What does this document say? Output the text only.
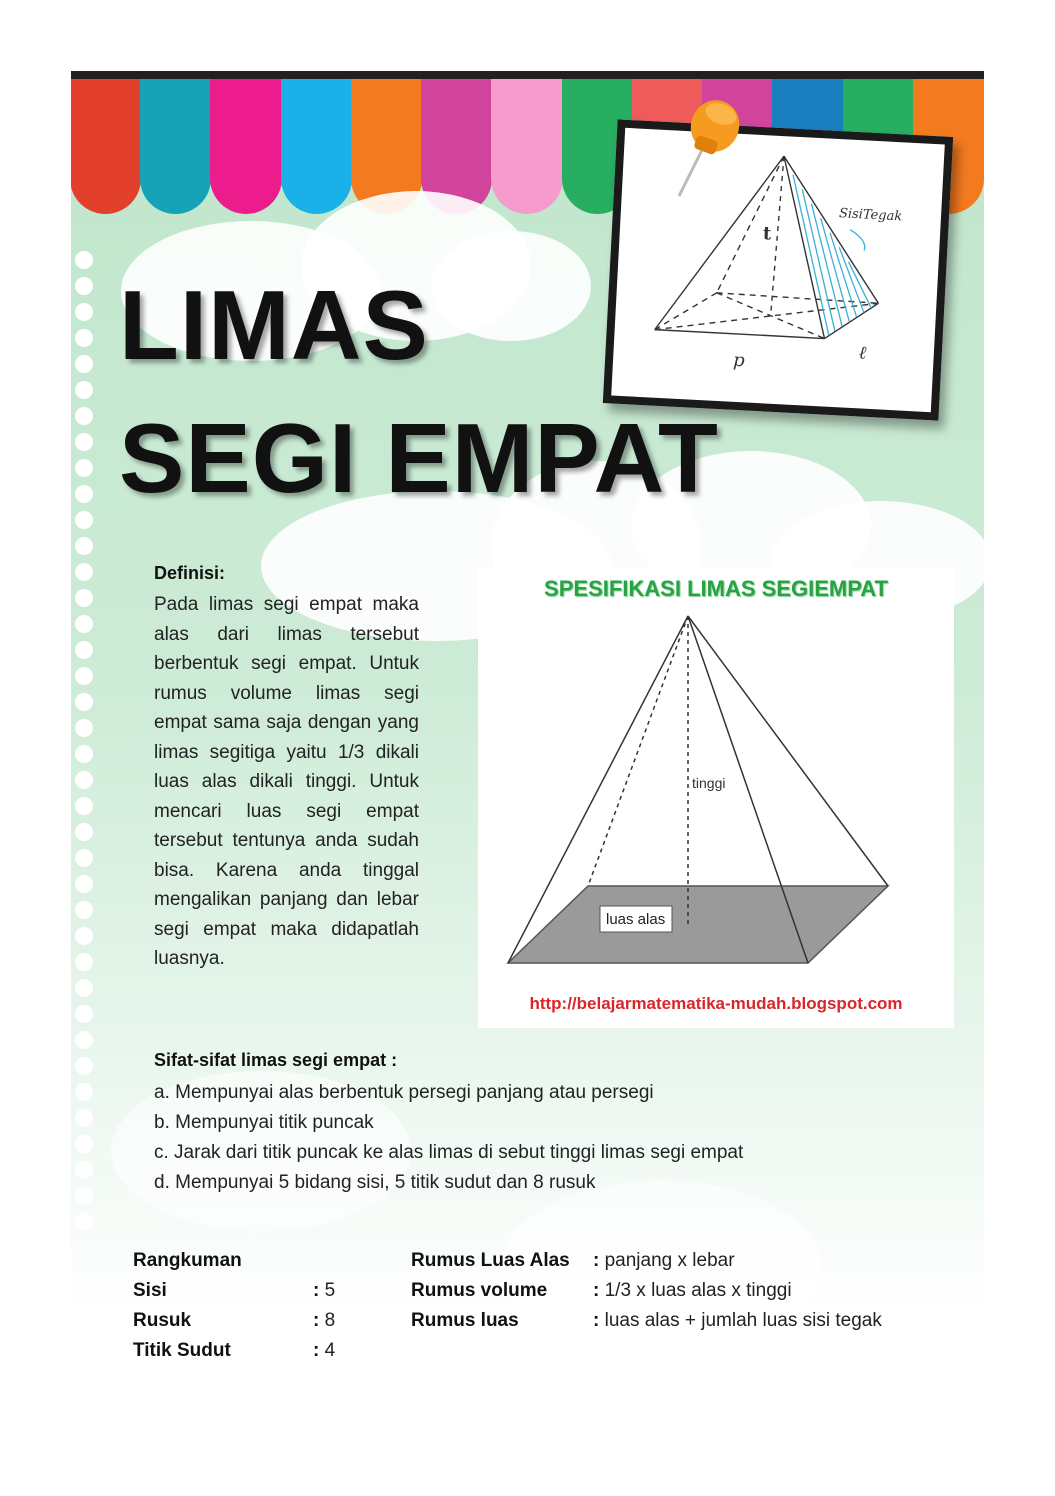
LIMAS
SEGI EMPAT
SisiTegak
t
p	ℓ
Definisi:
Pada limas segi empat maka alas dari limas tersebut berbentuk segi empat. Untuk rumus volume limas segi empat sama saja dengan yang limas segitiga yaitu 1/3 dikali luas alas dikali tinggi. Untuk mencari luas segi empat tersebut tentunya anda sudah bisa. Karena anda tinggal mengalikan panjang dan lebar segi empat maka didapatlah luasnya.
SPESIFIKASI LIMAS SEGIEMPAT
tinggi
luas alas
http://belajarmatematika-mudah.blogspot.com
Sifat-sifat limas segi empat :
a. Mempunyai alas berbentuk persegi panjang atau persegi
b. Mempunyai titik puncak
c. Jarak dari titik puncak ke alas limas di sebut tinggi limas segi empat
d. Mempunyai 5 bidang sisi, 5 titik sudut dan 8 rusuk
Rangkuman
Sisi	: 5
Rusuk	: 8
Titik Sudut	: 4
Rumus Luas Alas : panjang x lebar
Rumus volume : 1/3 x luas alas x tinggi
Rumus luas	: luas alas + jumlah luas sisi tegak
